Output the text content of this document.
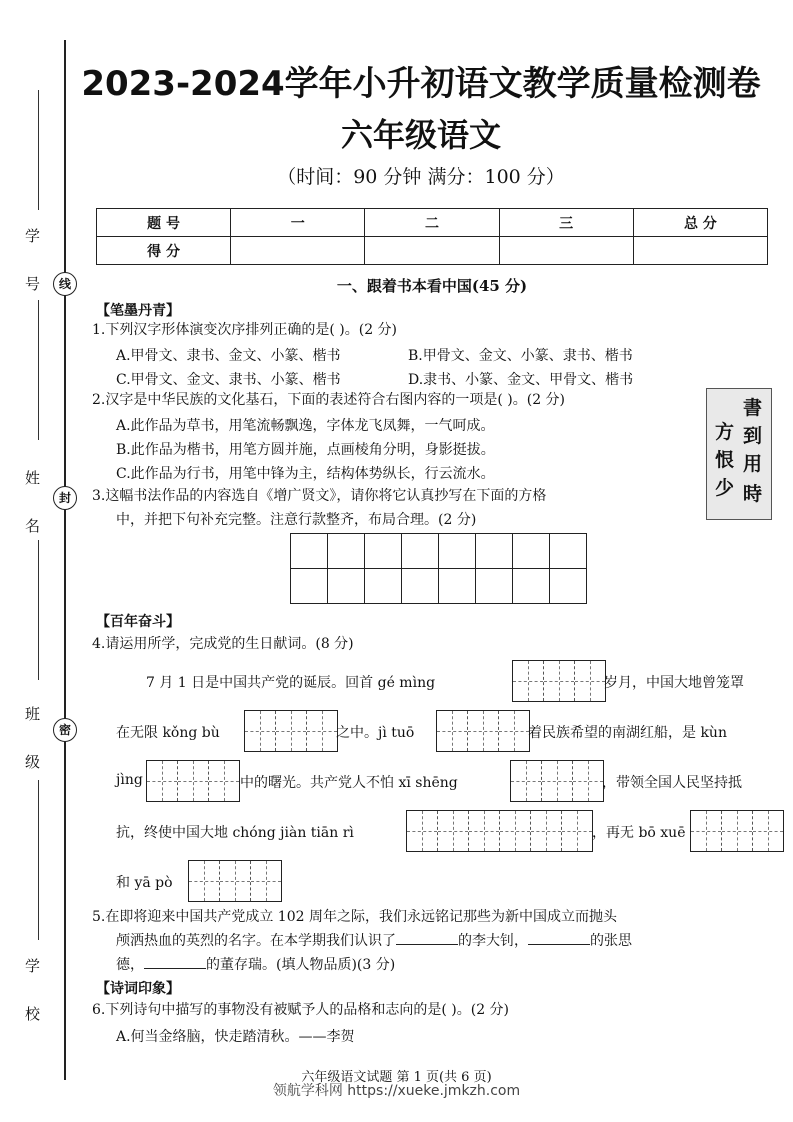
学 号
姓 名
班 级
学 校
线
封
密
2023-2024学年小升初语文教学质量检测卷
六年级语文
（时间：90 分钟 满分：100 分）
题 号	一	二	三	总 分
得 分				
一、跟着书本看中国(45 分)
【笔墨丹青】
1.下列汉字形体演变次序排列正确的是( )。(2 分)
A.甲骨文、隶书、金文、小篆、楷书	B.甲骨文、金文、小篆、隶书、楷书
C.甲骨文、金文、隶书、小篆、楷书	D.隶书、小篆、金文、甲骨文、楷书
2.汉字是中华民族的文化基石，下面的表述符合右图内容的一项是( )。(2 分)
A.此作品为草书，用笔流畅飘逸，字体龙飞凤舞，一气呵成。
B.此作品为楷书，用笔方圆并施，点画棱角分明，身影挺拔。
C.此作品为行书，用笔中锋为主，结构体势纵长，行云流水。
書
到
用
時
方
恨
少
3.这幅书法作品的内容选自《增广贤文》，请你将它认真抄写在下面的方格
中，并把下句补充完整。注意行款整齐，布局合理。(2 分)

【百年奋斗】
4.请运用所学，完成党的生日献词。(8 分)
7 月 1 日是中国共产党的诞辰。回首 gé mìng	岁月，中国大地曾笼罩
在无限 kǒng bù	之中。jì tuō	着民族希望的南湖红船，是 kùn
jìng	中的曙光。共产党人不怕 xī shēng	，带领全国人民坚持抵
抗，终使中国大地 chóng jiàn tiān rì	，再无 bō xuē
和 yā pò
5.在即将迎来中国共产党成立 102 周年之际，我们永远铭记那些为新中国成立而抛头
颅洒热血的英烈的名字。在本学期我们认识了	的李大钊，	的张思
德，	的董存瑞。(填人物品质)(3 分)
【诗词印象】
6.下列诗句中描写的事物没有被赋予人的品格和志向的是( )。(2 分)
A.何当金络脑，快走踏清秋。——李贺
六年级语文试题 第 1 页(共 6 页)
领航学科网 https://xueke.jmkzh.com
